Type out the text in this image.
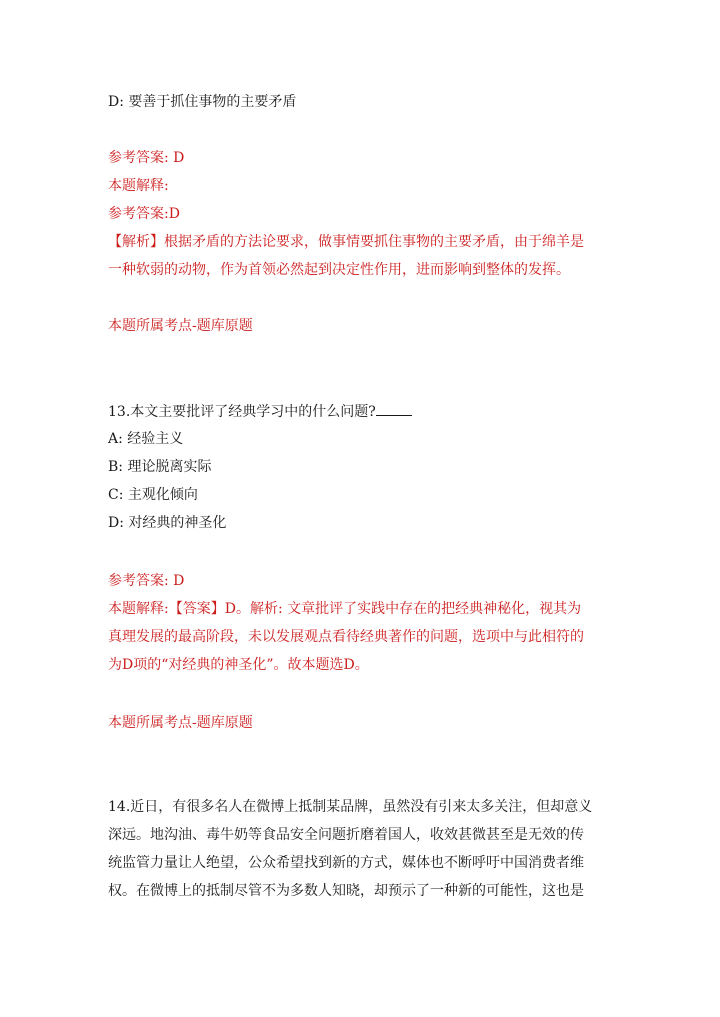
D: 要善于抓住事物的主要矛盾
参考答案: D
本题解释:
参考答案:D
【解析】根据矛盾的方法论要求，做事情要抓住事物的主要矛盾，由于绵羊是
一种软弱的动物，作为首领必然起到决定性作用，进而影响到整体的发挥。
本题所属考点-题库原题
13.本文主要批评了经典学习中的什么问题?
A: 经验主义
B: 理论脱离实际
C: 主观化倾向
D: 对经典的神圣化
参考答案: D
本题解释:【答案】D。解析: 文章批评了实践中存在的把经典神秘化，视其为
真理发展的最高阶段，未以发展观点看待经典著作的问题，选项中与此相符的
为D项的“对经典的神圣化”。故本题选D。
本题所属考点-题库原题
14.近日，有很多名人在微博上抵制某品牌，虽然没有引来太多关注，但却意义
深远。地沟油、毒牛奶等食品安全问题折磨着国人，收效甚微甚至是无效的传
统监管力量让人绝望，公众希望找到新的方式，媒体也不断呼吁中国消费者维
权。在微博上的抵制尽管不为多数人知晓，却预示了一种新的可能性，这也是
